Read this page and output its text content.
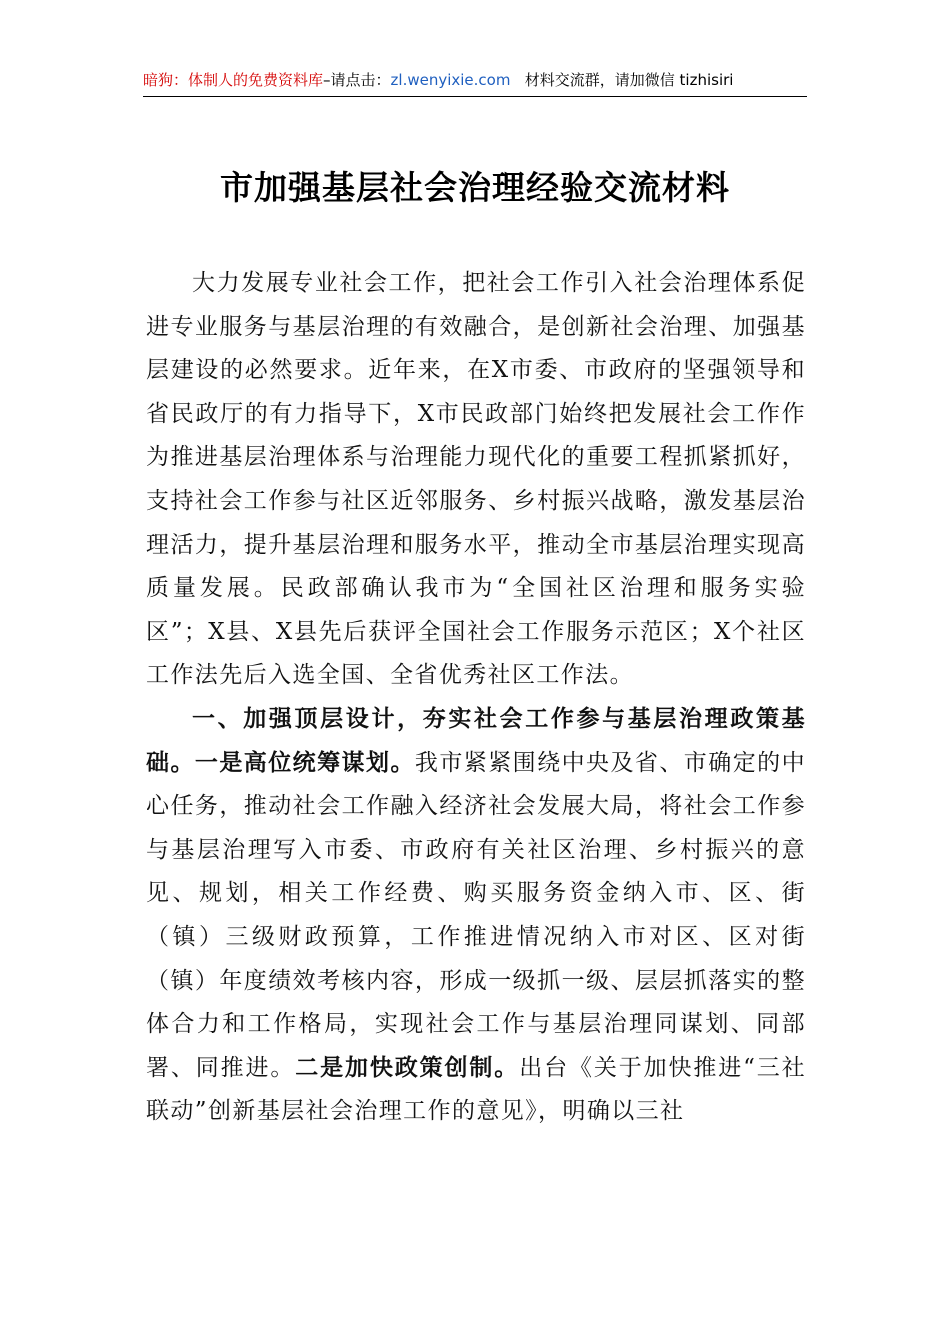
暗狗：体制人的免费资料库–请点击：zl.wenyixie.com 材料交流群，请加微信 tizhisiri
市加强基层社会治理经验交流材料

大力发展专业社会工作，把社会工作引入社会治理体系促进专业服务与基层治理的有效融合，是创新社会治理、加强基层建设的必然要求。近年来，在X市委、市政府的坚强领导和省民政厅的有力指导下，X市民政部门始终把发展社会工作作为推进基层治理体系与治理能力现代化的重要工程抓紧抓好，支持社会工作参与社区近邻服务、乡村振兴战略，激发基层治理活力，提升基层治理和服务水平，推动全市基层治理实现高质量发展。民政部确认我市为“全国社区治理和服务实验区”；X县、X县先后获评全国社会工作服务示范区；X个社区工作法先后入选全国、全省优秀社区工作法。

一、加强顶层设计，夯实社会工作参与基层治理政策基础。一是高位统筹谋划。我市紧紧围绕中央及省、市确定的中心任务，推动社会工作融入经济社会发展大局，将社会工作参与基层治理写入市委、市政府有关社区治理、乡村振兴的意见、规划，相关工作经费、购买服务资金纳入市、区、街（镇）三级财政预算，工作推进情况纳入市对区、区对街（镇）年度绩效考核内容，形成一级抓一级、层层抓落实的整体合力和工作格局，实现社会工作与基层治理同谋划、同部署、同推进。二是加快政策创制。出台《关于加快推进“三社联动”创新基层社会治理工作的意见》，明确以三社
